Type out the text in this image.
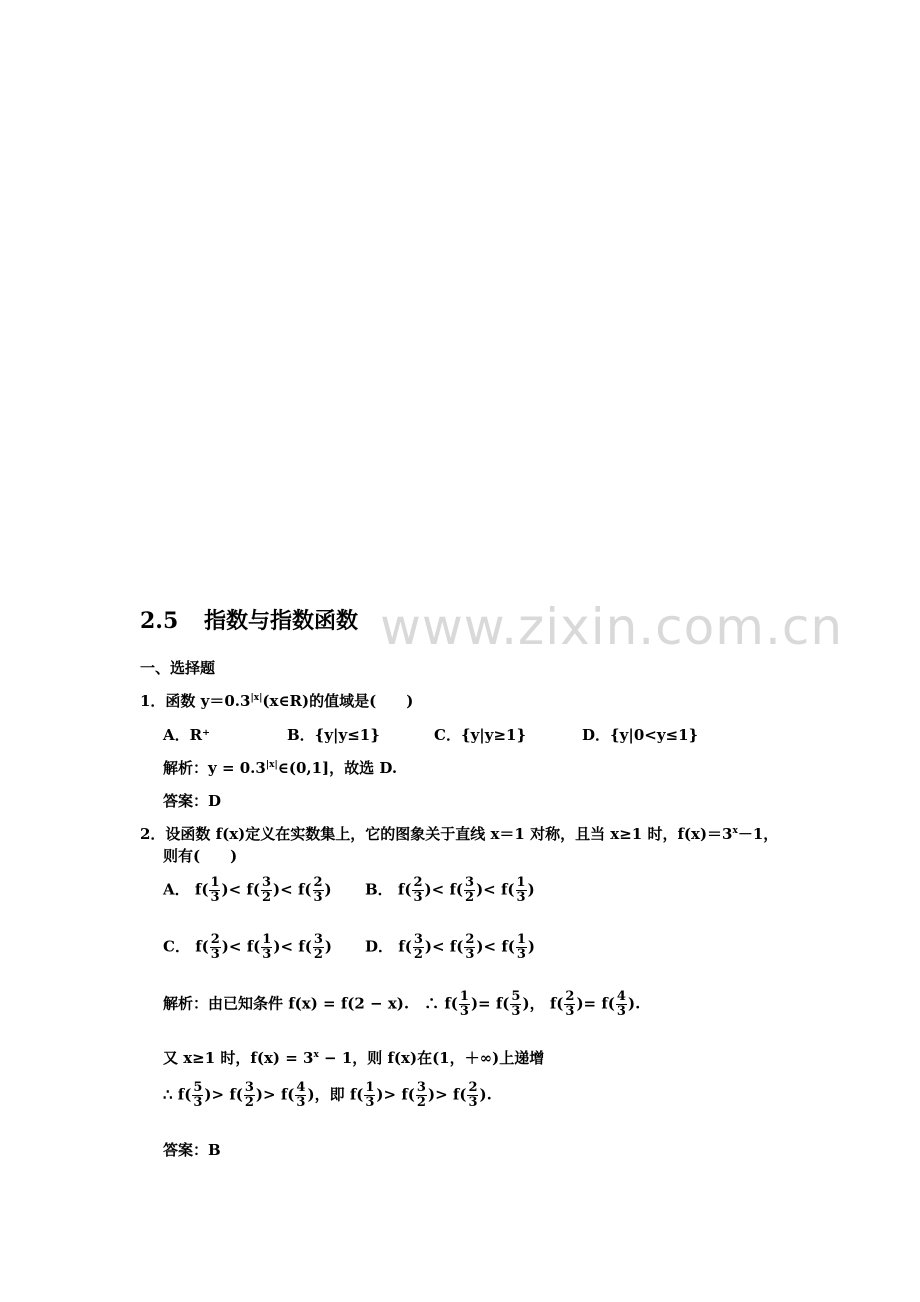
www.zixin.com.cn
2.5 指数与指数函数
一、选择题
1．函数 $y=0.3^{|x|}(x\in R)$的值域是(　　)
A．R⁺	B．{y|y≤1}	C．{y|y≥1}	D．{y|0<y≤1}
解析：$y = 0.3^{|x|}\in(0,1]$，故选 D.
答案：D
2．设函数 f(x)定义在实数集上，它的图象关于直线 x＝1 对称，且当 x≥1 时，$f(x)=3^x-1$，
则有(　　)
A． $f( \frac{1}{3}$ )< $f( \frac{3}{2}$ )< $f( \frac{2}{3}$ ) B． $f( \frac{2}{3}$ )< $f( \frac{3}{2}$ )< $f( \frac{1}{3}$ )
C． $f( \frac{2}{3}$ )< $f( \frac{1}{3}$ )< $f( \frac{3}{2}$ ) D． $f( \frac{3}{2}$ )< $f( \frac{2}{3}$ )< $f( \frac{1}{3}$ )
解析：由已知条件 f(x) = f(2 − x).　∴ $f( \frac{1}{3}$ )= $f( \frac{5}{3}$ )， $f( \frac{2}{3}$ )= $f( \frac{4}{3}$ ).
又 x≥1 时，$f(x) = 3^x - 1$，则 f(x)在(1，＋∞)上递增
∴ $f( \frac{5}{3}$ )> $f( \frac{3}{2}$ )> $f( \frac{4}{3}$ )，即 $f( \frac{1}{3}$ )> $f( \frac{3}{2}$ )> $f( \frac{2}{3}$ ).
答案：B
